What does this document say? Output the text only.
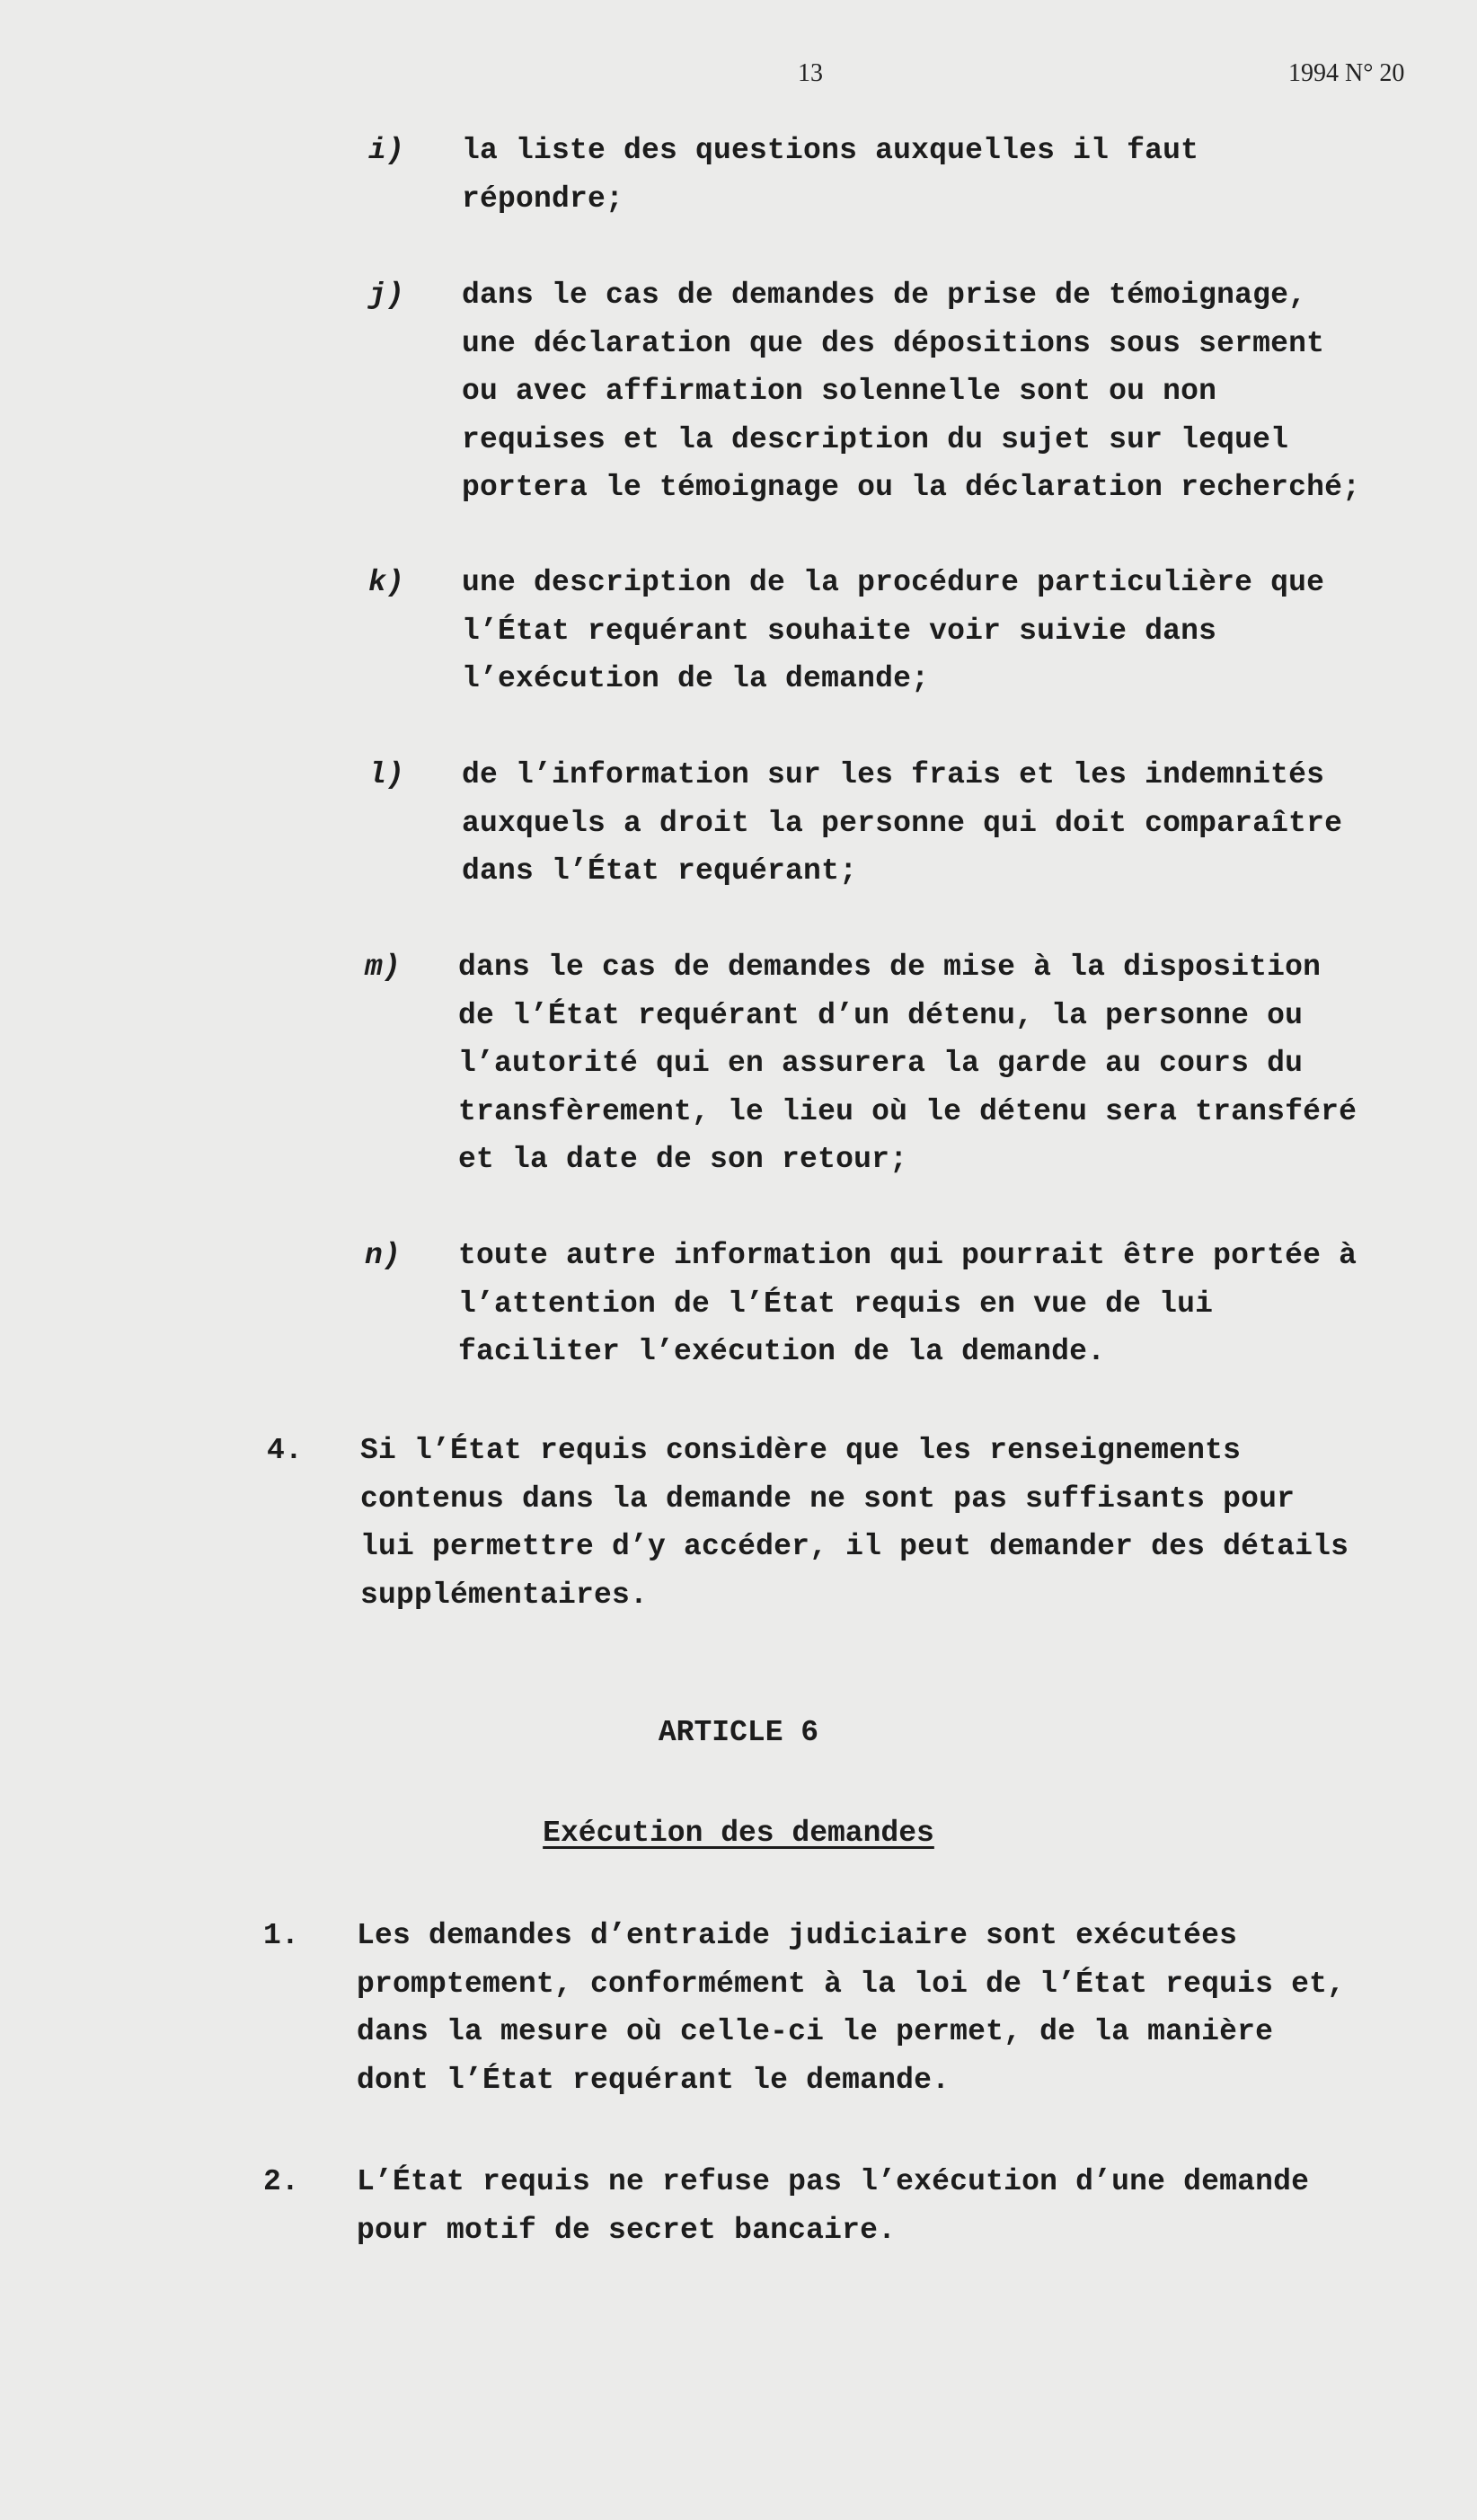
13	1994 N° 20
i) la liste des questions auxquelles il faut
répondre;
j) dans le cas de demandes de prise de témoignage,
une déclaration que des dépositions sous serment
ou avec affirmation solennelle sont ou non
requises et la description du sujet sur lequel
portera le témoignage ou la déclaration recherché;
k) une description de la procédure particulière que
l’État requérant souhaite voir suivie dans
l’exécution de la demande;
l) de l’information sur les frais et les indemnités
auxquels a droit la personne qui doit comparaître
dans l’État requérant;
m) dans le cas de demandes de mise à la disposition
de l’État requérant d’un détenu, la personne ou
l’autorité qui en assurera la garde au cours du
transfèrement, le lieu où le détenu sera transféré
et la date de son retour;
n) toute autre information qui pourrait être portée à
l’attention de l’État requis en vue de lui
faciliter l’exécution de la demande.
4. Si l’État requis considère que les renseignements
contenus dans la demande ne sont pas suffisants pour
lui permettre d’y accéder, il peut demander des détails
supplémentaires.
ARTICLE 6
Exécution des demandes
1. Les demandes d’entraide judiciaire sont exécutées
promptement, conformément à la loi de l’État requis et,
dans la mesure où celle-ci le permet, de la manière
dont l’État requérant le demande.
2. L’État requis ne refuse pas l’exécution d’une demande
pour motif de secret bancaire.
